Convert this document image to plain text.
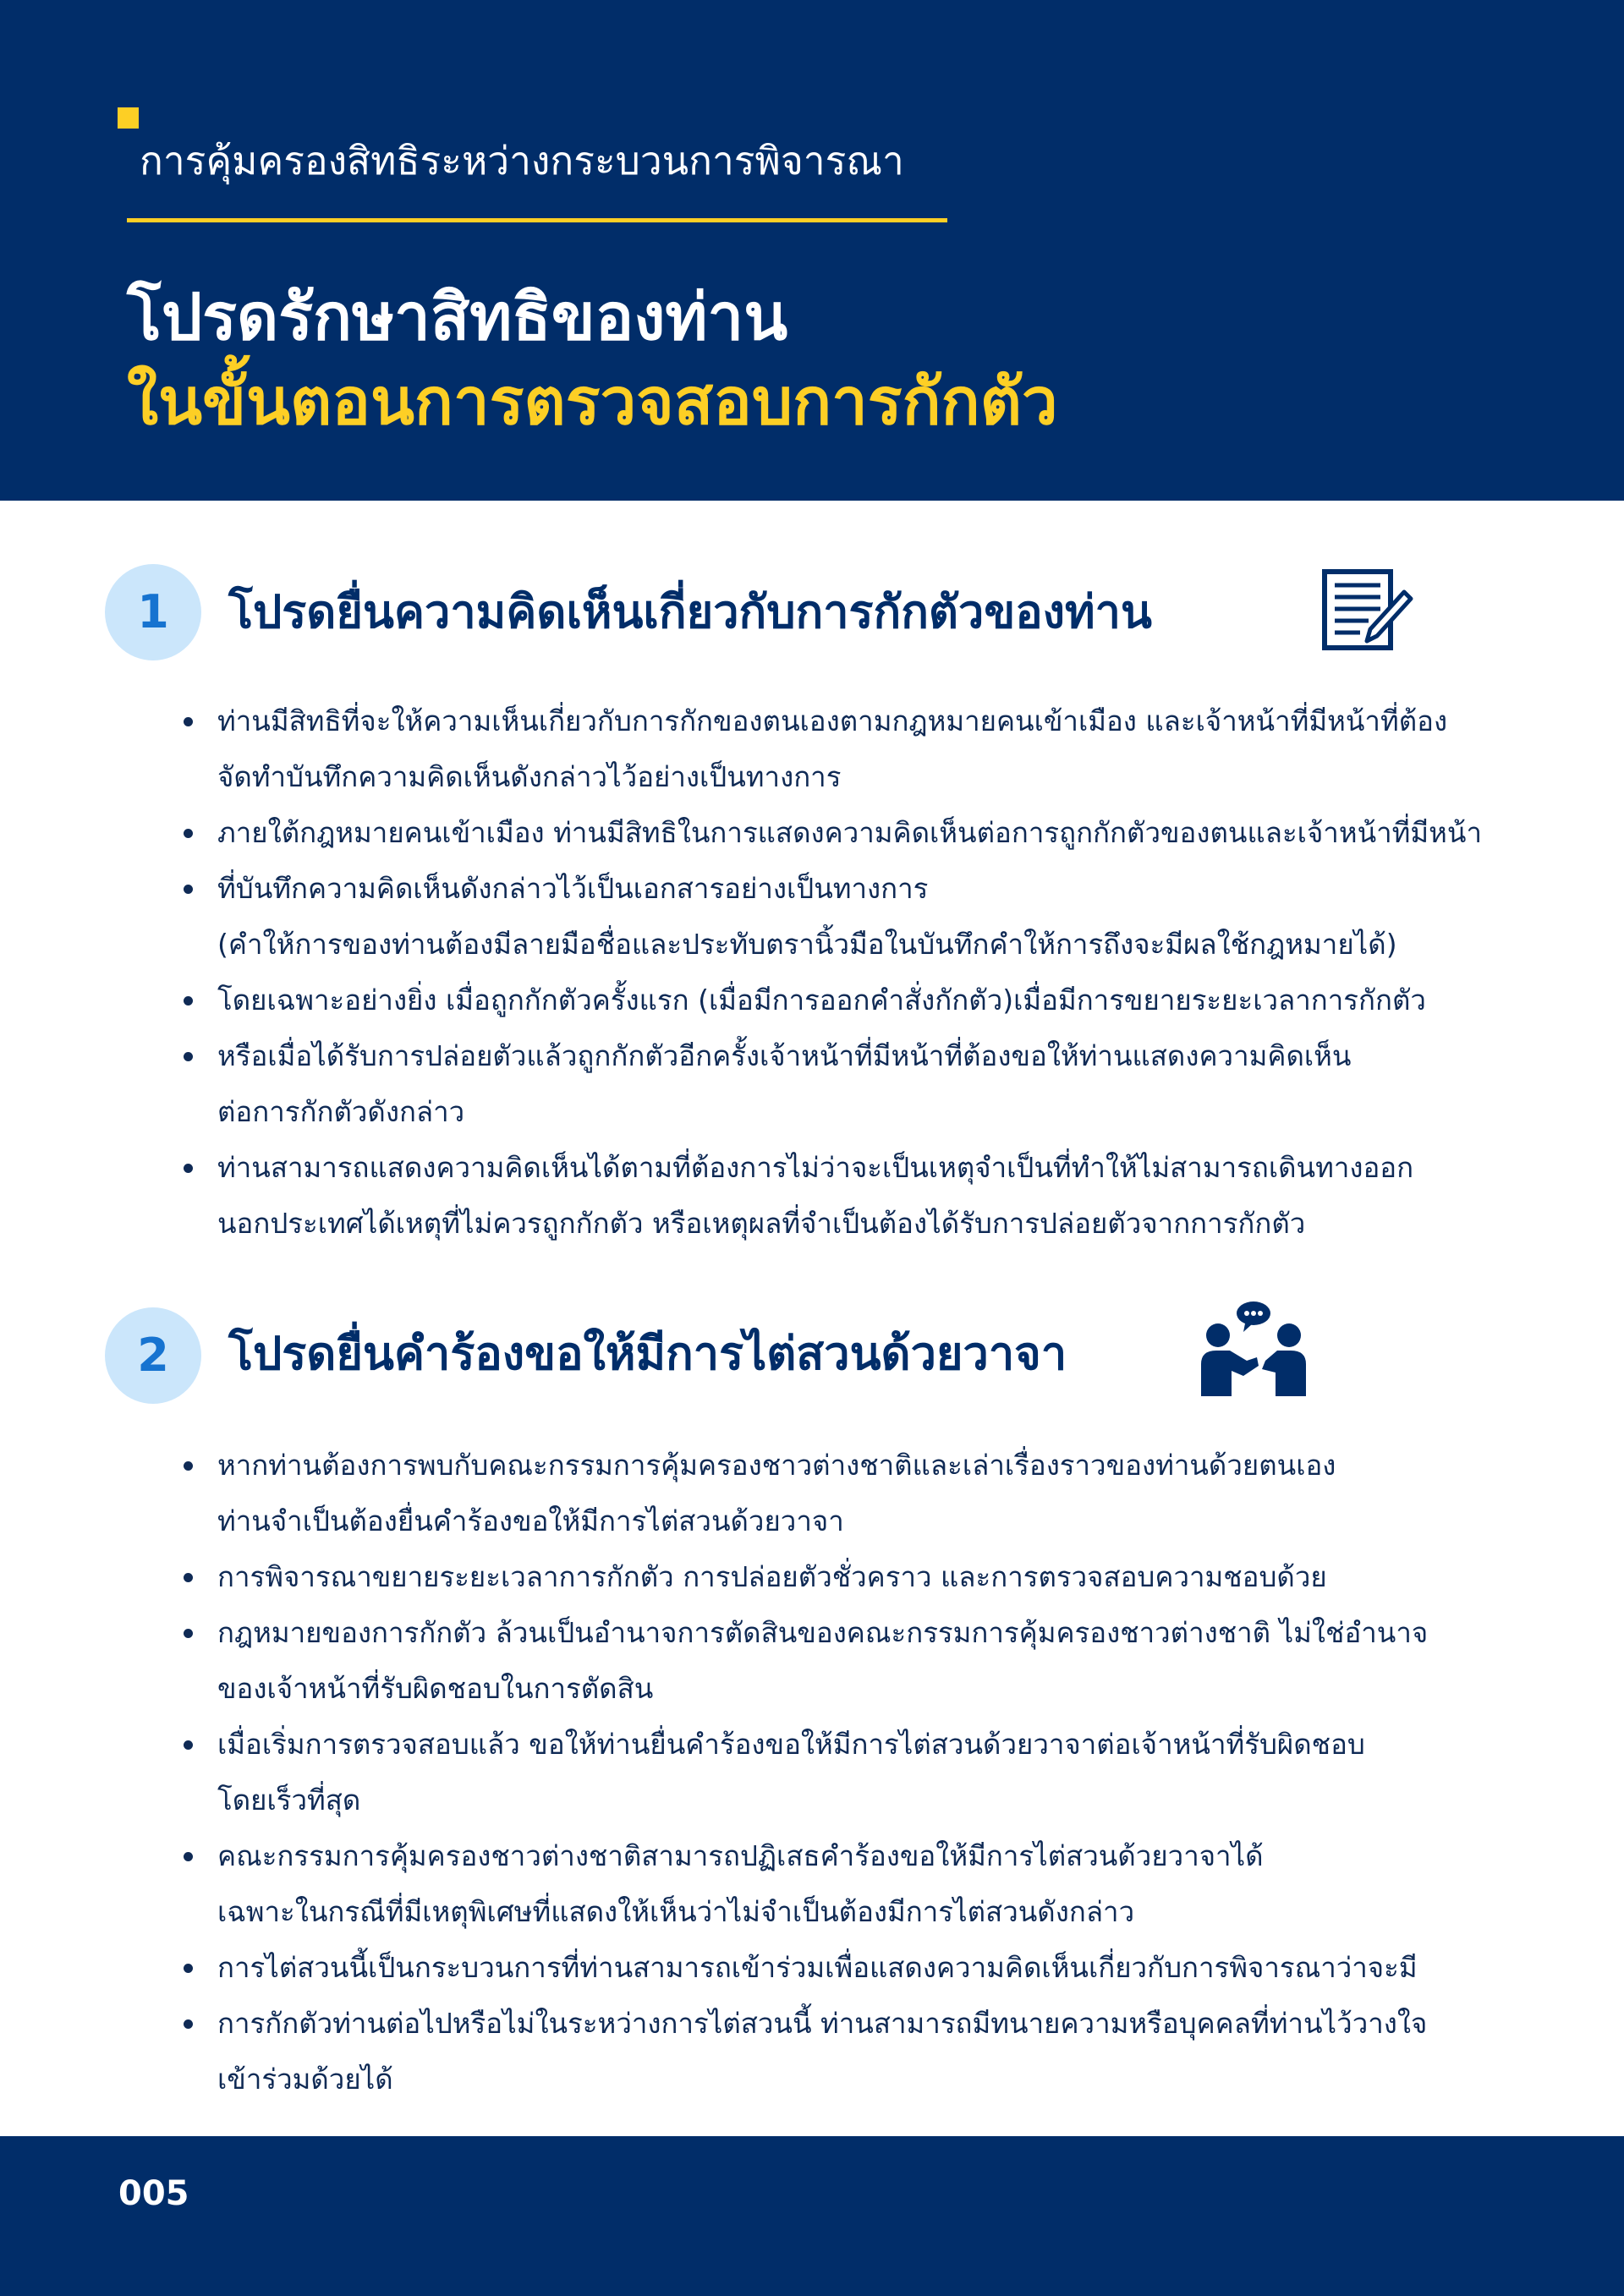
การคุ้มครองสิทธิระหว่างกระบวนการพิจารณา
โปรดรักษาสิทธิของท่าน
ในขั้นตอนการตรวจสอบการกักตัว
1	โปรดยื่นความคิดเห็นเกี่ยวกับการกักตัวของท่าน
ท่านมีสิทธิที่จะให้ความเห็นเกี่ยวกับการกักของตนเองตามกฎหมายคนเข้าเมือง และเจ้าหน้าที่มีหน้าที่ต้อง
จัดทำบันทึกความคิดเห็นดังกล่าวไว้อย่างเป็นทางการ
ภายใต้กฎหมายคนเข้าเมือง ท่านมีสิทธิในการแสดงความคิดเห็นต่อการถูกกักตัวของตนและเจ้าหน้าที่มีหน้า
ที่บันทึกความคิดเห็นดังกล่าวไว้เป็นเอกสารอย่างเป็นทางการ
(คำให้การของท่านต้องมีลายมือชื่อและประทับตรานิ้วมือในบันทึกคำให้การถึงจะมีผลใช้กฎหมายได้)
โดยเฉพาะอย่างยิ่ง เมื่อถูกกักตัวครั้งแรก (เมื่อมีการออกคำสั่งกักตัว)เมื่อมีการขยายระยะเวลาการกักตัว
หรือเมื่อได้รับการปล่อยตัวแล้วถูกกักตัวอีกครั้งเจ้าหน้าที่มีหน้าที่ต้องขอให้ท่านแสดงความคิดเห็น
ต่อการกักตัวดังกล่าว
ท่านสามารถแสดงความคิดเห็นได้ตามที่ต้องการไม่ว่าจะเป็นเหตุจำเป็นที่ทำให้ไม่สามารถเดินทางออก
นอกประเทศได้เหตุที่ไม่ควรถูกกักตัว หรือเหตุผลที่จำเป็นต้องได้รับการปล่อยตัวจากการกักตัว
2	โปรดยื่นคำร้องขอให้มีการไต่สวนด้วยวาจา
หากท่านต้องการพบกับคณะกรรมการคุ้มครองชาวต่างชาติและเล่าเรื่องราวของท่านด้วยตนเอง
ท่านจำเป็นต้องยื่นคำร้องขอให้มีการไต่สวนด้วยวาจา
การพิจารณาขยายระยะเวลาการกักตัว การปล่อยตัวชั่วคราว และการตรวจสอบความชอบด้วย
กฎหมายของการกักตัว ล้วนเป็นอำนาจการตัดสินของคณะกรรมการคุ้มครองชาวต่างชาติ ไม่ใช่อำนาจ
ของเจ้าหน้าที่รับผิดชอบในการตัดสิน
เมื่อเริ่มการตรวจสอบแล้ว ขอให้ท่านยื่นคำร้องขอให้มีการไต่สวนด้วยวาจาต่อเจ้าหน้าที่รับผิดชอบ
โดยเร็วที่สุด
คณะกรรมการคุ้มครองชาวต่างชาติสามารถปฏิเสธคำร้องขอให้มีการไต่สวนด้วยวาจาได้
เฉพาะในกรณีที่มีเหตุพิเศษที่แสดงให้เห็นว่าไม่จำเป็นต้องมีการไต่สวนดังกล่าว
การไต่สวนนี้เป็นกระบวนการที่ท่านสามารถเข้าร่วมเพื่อแสดงความคิดเห็นเกี่ยวกับการพิจารณาว่าจะมี
การกักตัวท่านต่อไปหรือไม่ในระหว่างการไต่สวนนี้ ท่านสามารถมีทนายความหรือบุคคลที่ท่านไว้วางใจ
เข้าร่วมด้วยได้
005
